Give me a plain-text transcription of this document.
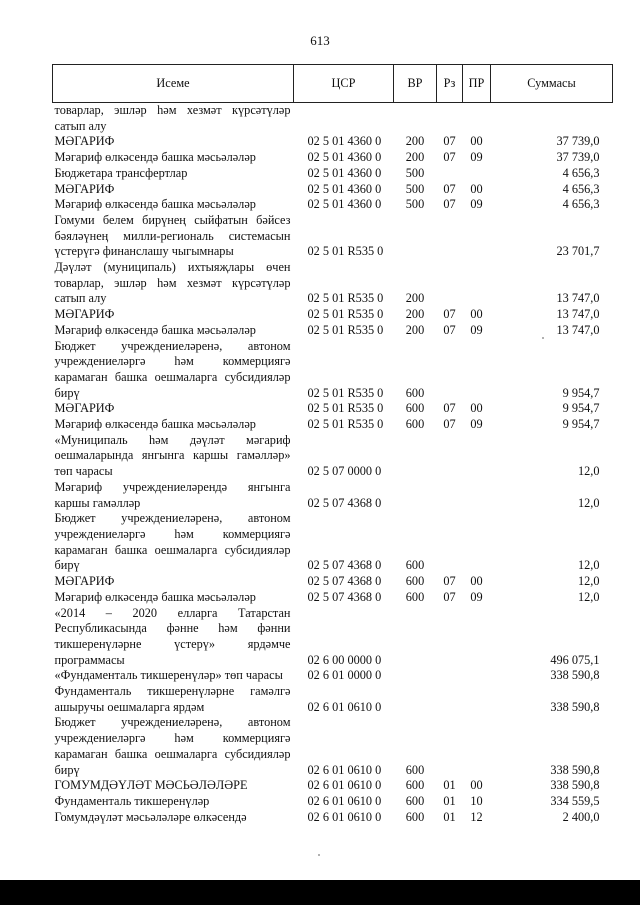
613
Исеме	ЦСР	ВР	Рз	ПР	Суммасы
товарлар, эшләр һәм хезмәт күрсәтүләр сатып алу					
МӘГАРИФ	02 5 01 4360 0	200	07	00	37 739,0
Мәгариф өлкәсендә башка мәсьәләләр	02 5 01 4360 0	200	07	09	37 739,0
Бюджетара трансфертлар	02 5 01 4360 0	500			4 656,3
МӘГАРИФ	02 5 01 4360 0	500	07	00	4 656,3
Мәгариф өлкәсендә башка мәсьәләләр	02 5 01 4360 0	500	07	09	4 656,3
Гомуми белем бирүнең сыйфатын бәйсез бәяләүнең милли-региональ системасын үстерүгә финанслашу чыгымнары	02 5 01 R535 0				23 701,7
Дәүләт (муниципаль) ихтыяҗлары өчен товарлар, эшләр һәм хезмәт күрсәтүләр сатып алу	02 5 01 R535 0	200			13 747,0
МӘГАРИФ	02 5 01 R535 0	200	07	00	13 747,0
Мәгариф өлкәсендә башка мәсьәләләр	02 5 01 R535 0	200	07	09	13 747,0
Бюджет учреждениеләренә, автоном учреждениеләргә һәм коммерциягә карамаган башка оешмаларга субсидияләр бирү	02 5 01 R535 0	600			9 954,7
МӘГАРИФ	02 5 01 R535 0	600	07	00	9 954,7
Мәгариф өлкәсендә башка мәсьәләләр	02 5 01 R535 0	600	07	09	9 954,7
«Муниципаль һәм дәүләт мәгариф оешмаларында янгынга каршы гамәлләр» төп чарасы	02 5 07 0000 0				12,0
Мәгариф учреждениеләрендә янгынга каршы гамәлләр	02 5 07 4368 0				12,0
Бюджет учреждениеләренә, автоном учреждениеләргә һәм коммерциягә карамаган башка оешмаларга субсидияләр бирү	02 5 07 4368 0	600			12,0
МӘГАРИФ	02 5 07 4368 0	600	07	00	12,0
Мәгариф өлкәсендә башка мәсьәләләр	02 5 07 4368 0	600	07	09	12,0
«2014 – 2020 елларга Татарстан Республикасында фәнне һәм фәнни тикшеренүләрне үстерү» ярдәмче программасы	02 6 00 0000 0				496 075,1
«Фундаменталь тикшеренүләр» төп чарасы	02 6 01 0000 0				338 590,8
Фундаменталь тикшеренүләрне гамәлгә ашыручы оешмаларга ярдәм	02 6 01 0610 0				338 590,8
Бюджет учреждениеләренә, автоном учреждениеләргә һәм коммерциягә карамаган башка оешмаларга субсидияләр бирү	02 6 01 0610 0	600			338 590,8
ГОМУМДӘҮЛӘТ МӘСЬӘЛӘЛӘРЕ	02 6 01 0610 0	600	01	00	338 590,8
Фундаменталь тикшеренүләр	02 6 01 0610 0	600	01	10	334 559,5
Гомумдәүләт мәсьәләләре өлкәсендә	02 6 01 0610 0	600	01	12	2 400,0
